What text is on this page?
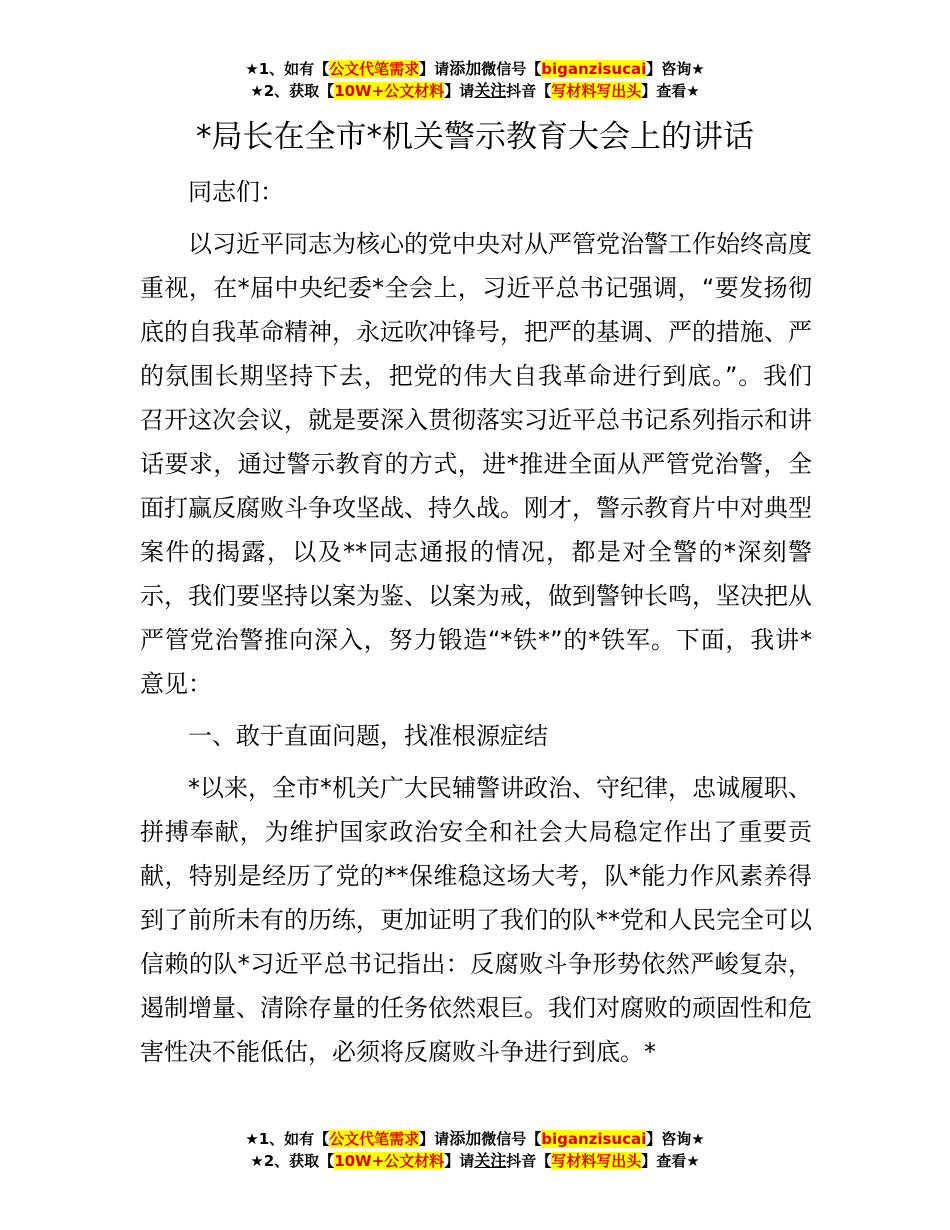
★1、如有【公文代笔需求】请添加微信号【biganzisucai】咨询★
★2、获取【10W+公文材料】请关注抖音【写材料写出头】查看★
*局长在全市*机关警示教育大会上的讲话

同志们：

以习近平同志为核心的党中央对从严管党治警工作始终高度重视，在*届中央纪委*全会上，习近平总书记强调，“要发扬彻底的自我革命精神，永远吹冲锋号，把严的基调、严的措施、严的氛围长期坚持下去，把党的伟大自我革命进行到底。”。我们召开这次会议，就是要深入贯彻落实习近平总书记系列指示和讲话要求，通过警示教育的方式，进*推进全面从严管党治警，全面打赢反腐败斗争攻坚战、持久战。刚才，警示教育片中对典型案件的揭露，以及**同志通报的情况，都是对全警的*深刻警示，我们要坚持以案为鉴、以案为戒，做到警钟长鸣，坚决把从严管党治警推向深入，努力锻造“*铁*”的*铁军。下面，我讲*意见：

一、敢于直面问题，找准根源症结

*以来，全市*机关广大民辅警讲政治、守纪律，忠诚履职、拼搏奉献，为维护国家政治安全和社会大局稳定作出了重要贡献，特别是经历了党的**保维稳这场大考，队*能力作风素养得到了前所未有的历练，更加证明了我们的队**党和人民完全可以信赖的队*习近平总书记指出：反腐败斗争形势依然严峻复杂，遏制增量、清除存量的任务依然艰巨。我们对腐败的顽固性和危害性决不能低估，必须将反腐败斗争进行到底。*

★1、如有【公文代笔需求】请添加微信号【biganzisucai】咨询★
★2、获取【10W+公文材料】请关注抖音【写材料写出头】查看★
